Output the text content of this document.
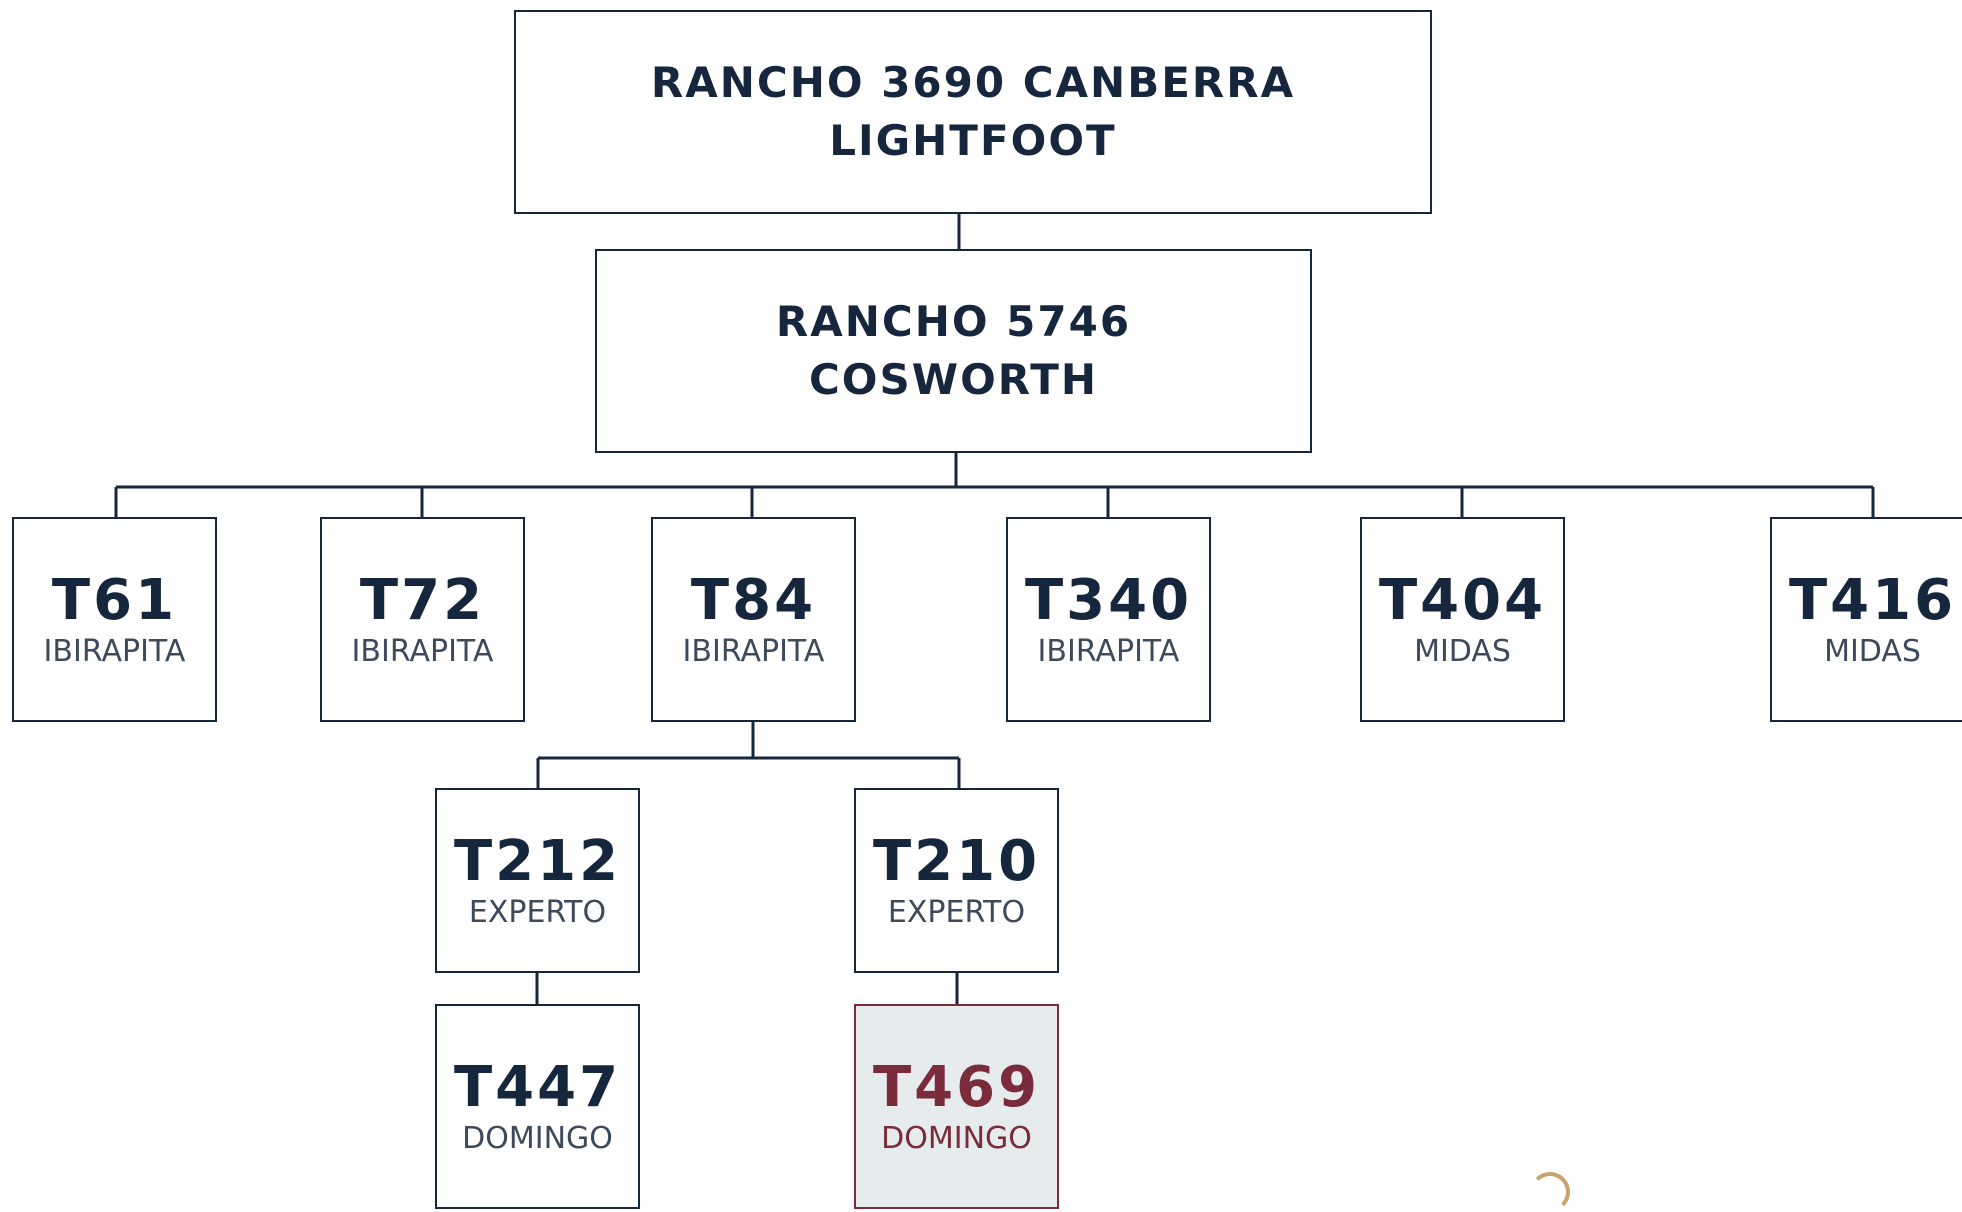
RANCHO 3690 CANBERRA
LIGHTFOOT
RANCHO 5746
COSWORTH
T61
IBIRAPITA
T72
IBIRAPITA
T84
IBIRAPITA
T340
IBIRAPITA
T404
MIDAS
T416
MIDAS
T212
EXPERTO
T210
EXPERTO
T447
DOMINGO
T469
DOMINGO
